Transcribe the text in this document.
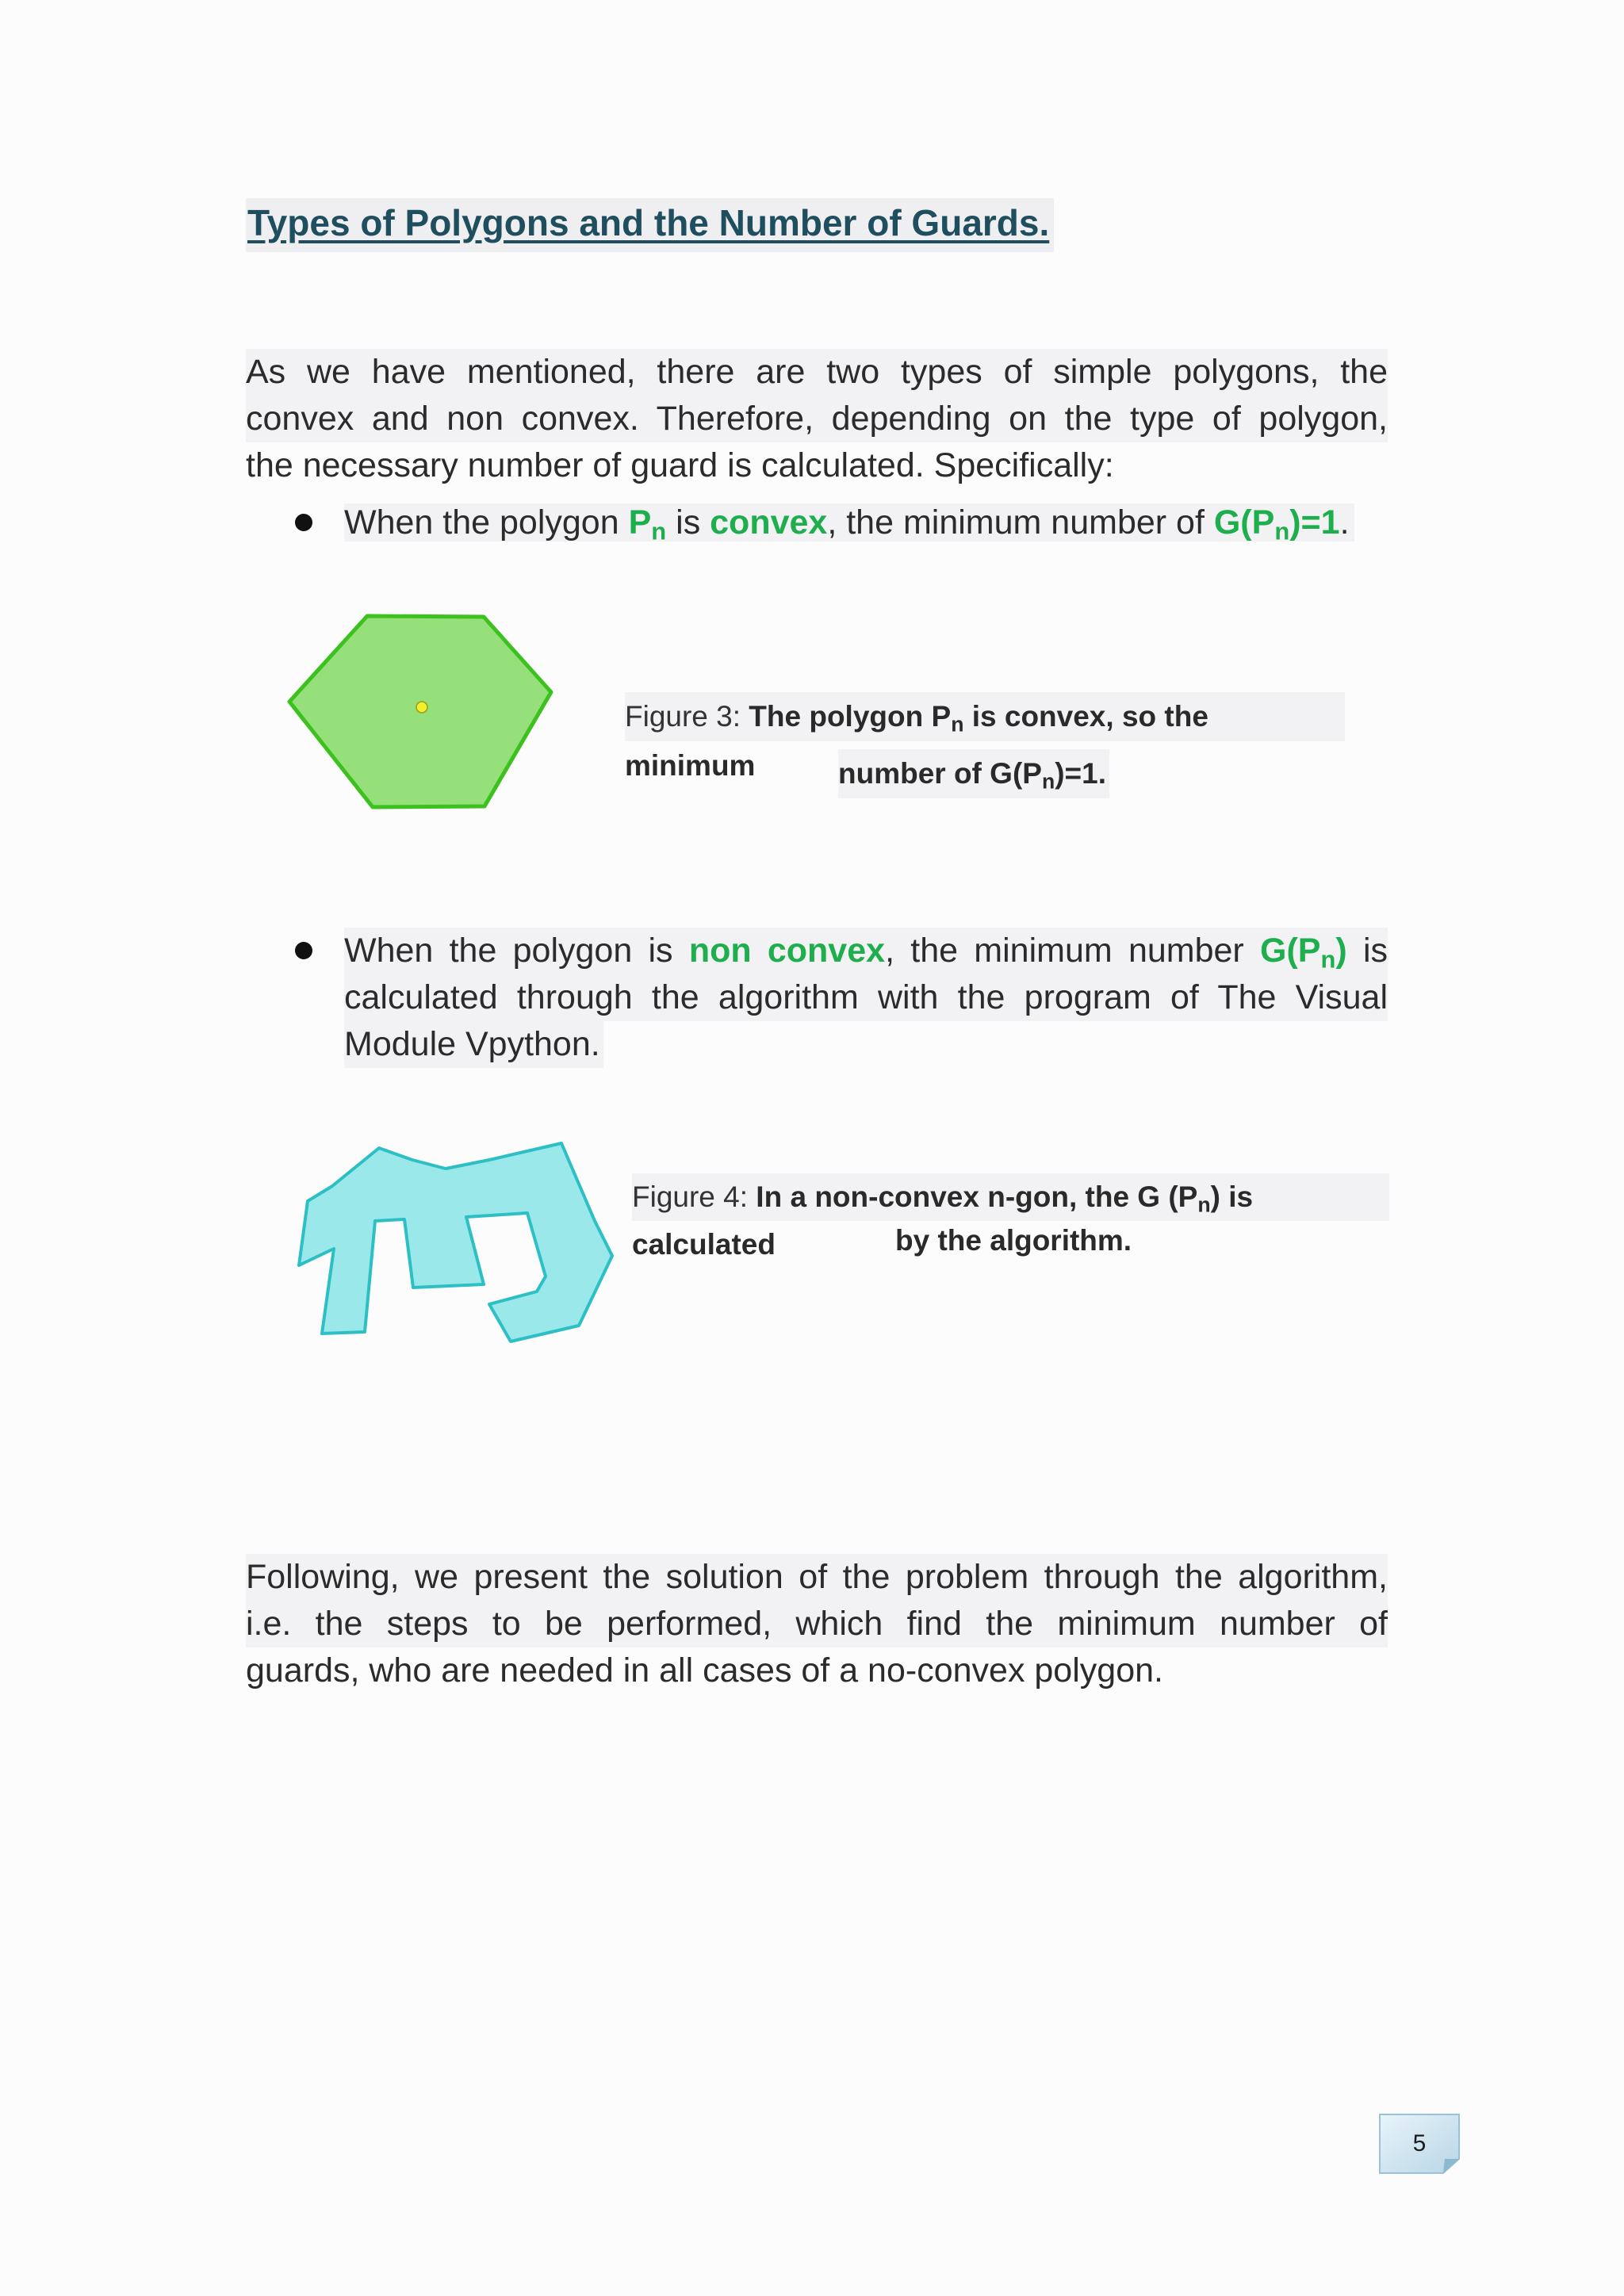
Types of Polygons and the Number of Guards.
As we have mentioned, there are two types of simple polygons, the
convex and non convex. Therefore, depending on the type of polygon,
the necessary number of guard is calculated. Specifically:
When the polygon $P_n$ is convex, the minimum number of $G(P_n)=1$.
Figure 3: The polygon $P_n$ is convex, so the minimum	number of $G(P_n)=1$.
When the polygon is non convex, the minimum number $G(P_n)$ is
calculated through the algorithm with the program of The Visual
Module Vpython.
Figure 4: In a non-convex n-gon, the G $(P_n)$ is calculated	by the algorithm.
Following, we present the solution of the problem through the algorithm,
i.e. the steps to be performed, which find the minimum number of
guards, who are needed in all cases of a no-convex polygon.
5
